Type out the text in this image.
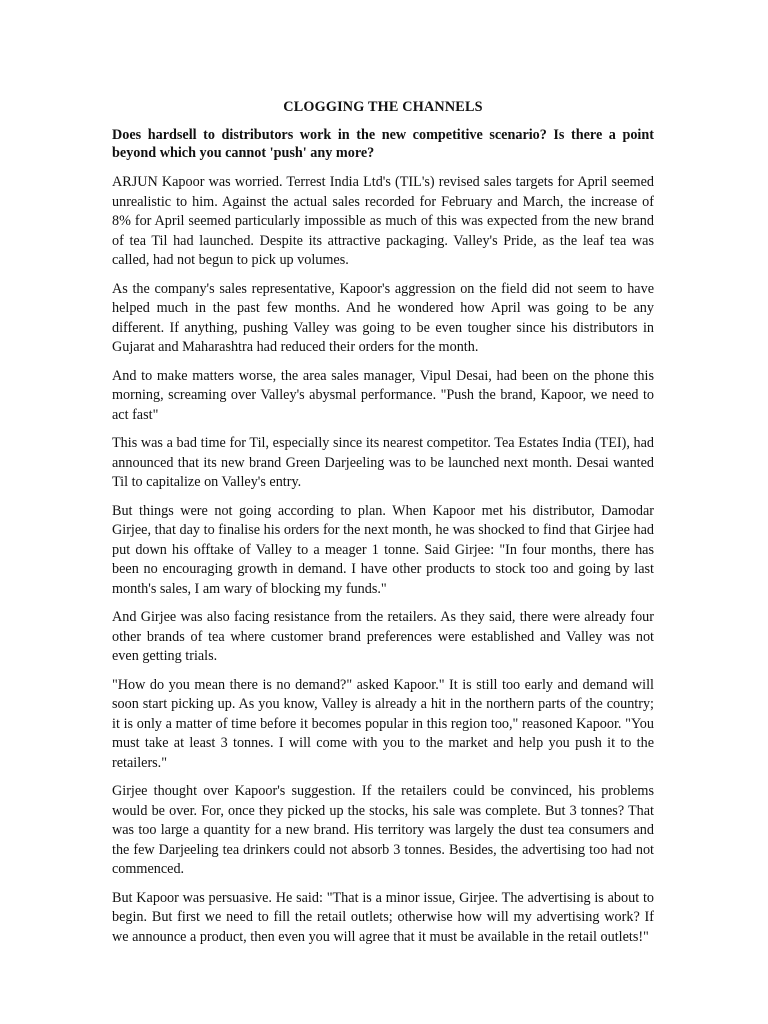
CLOGGING THE CHANNELS
Does hardsell to distributors work in the new competitive scenario? Is there a point beyond which you cannot 'push' any more?

ARJUN Kapoor was worried. Terrest India Ltd's (TIL's) revised sales targets for April seemed unrealistic to him. Against the actual sales recorded for February and March, the increase of 8% for April seemed particularly impossible as much of this was expected from the new brand of tea Til had launched. Despite its attractive packaging. Valley's Pride, as the leaf tea was called, had not begun to pick up volumes.

As the company's sales representative, Kapoor's aggression on the field did not seem to have helped much in the past few months. And he wondered how April was going to be any different. If anything, pushing Valley was going to be even tougher since his distributors in Gujarat and Maharashtra had reduced their orders for the month.

And to make matters worse, the area sales manager, Vipul Desai, had been on the phone this morning, screaming over Valley's abysmal performance. "Push the brand, Kapoor, we need to act fast"

This was a bad time for Til, especially since its nearest competitor. Tea Estates India (TEI), had announced that its new brand Green Darjeeling was to be launched next month. Desai wanted Til to capitalize on Valley's entry.

But things were not going according to plan. When Kapoor met his distributor, Damodar Girjee, that day to finalise his orders for the next month, he was shocked to find that Girjee had put down his offtake of Valley to a meager 1 tonne. Said Girjee: "In four months, there has been no encouraging growth in demand. I have other products to stock too and going by last month's sales, I am wary of blocking my funds."

And Girjee was also facing resistance from the retailers. As they said, there were already four other brands of tea where customer brand preferences were established and Valley was not even getting trials.

"How do you mean there is no demand?" asked Kapoor." It is still too early and demand will soon start picking up. As you know, Valley is already a hit in the northern parts of the country; it is only a matter of time before it becomes popular in this region too," reasoned Kapoor. "You must take at least 3 tonnes. I will come with you to the market and help you push it to the retailers."

Girjee thought over Kapoor's suggestion. If the retailers could be convinced, his problems would be over. For, once they picked up the stocks, his sale was complete. But 3 tonnes? That was too large a quantity for a new brand. His territory was largely the dust tea consumers and the few Darjeeling tea drinkers could not absorb 3 tonnes. Besides, the advertising too had not commenced.

But Kapoor was persuasive. He said: "That is a minor issue, Girjee. The advertising is about to begin. But first we need to fill the retail outlets; otherwise how will my advertising work? If we announce a product, then even you will agree that it must be available in the retail outlets!"
